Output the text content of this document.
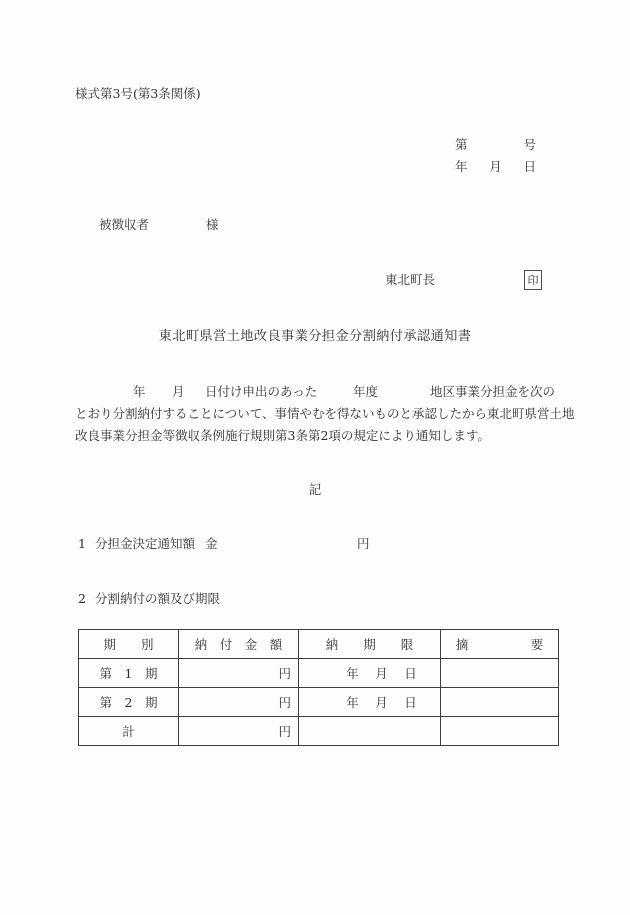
様式第3号(第3条関係)
第	号
年 月 日
被徴収者	様
東北町長	印
東北町県営土地改良事業分担金分割納付承認通知書
年 月 日付け申出のあった	年度	地区事業分担金を次の
とおり分割納付することについて、事情やむを得ないものと承認したから東北町県営土地
改良事業分担金等徴収条例施行規則第3条第2項の規定により通知します。
記
1 分担金決定通知額 金	円
2 分割納付の額及び期限
期　　別	納　付　金　額	納　　期　　限	摘　　　　　要
第　1　期	円	年　 月　 日	
第　2　期	円	年　 月　 日	
計	円		
